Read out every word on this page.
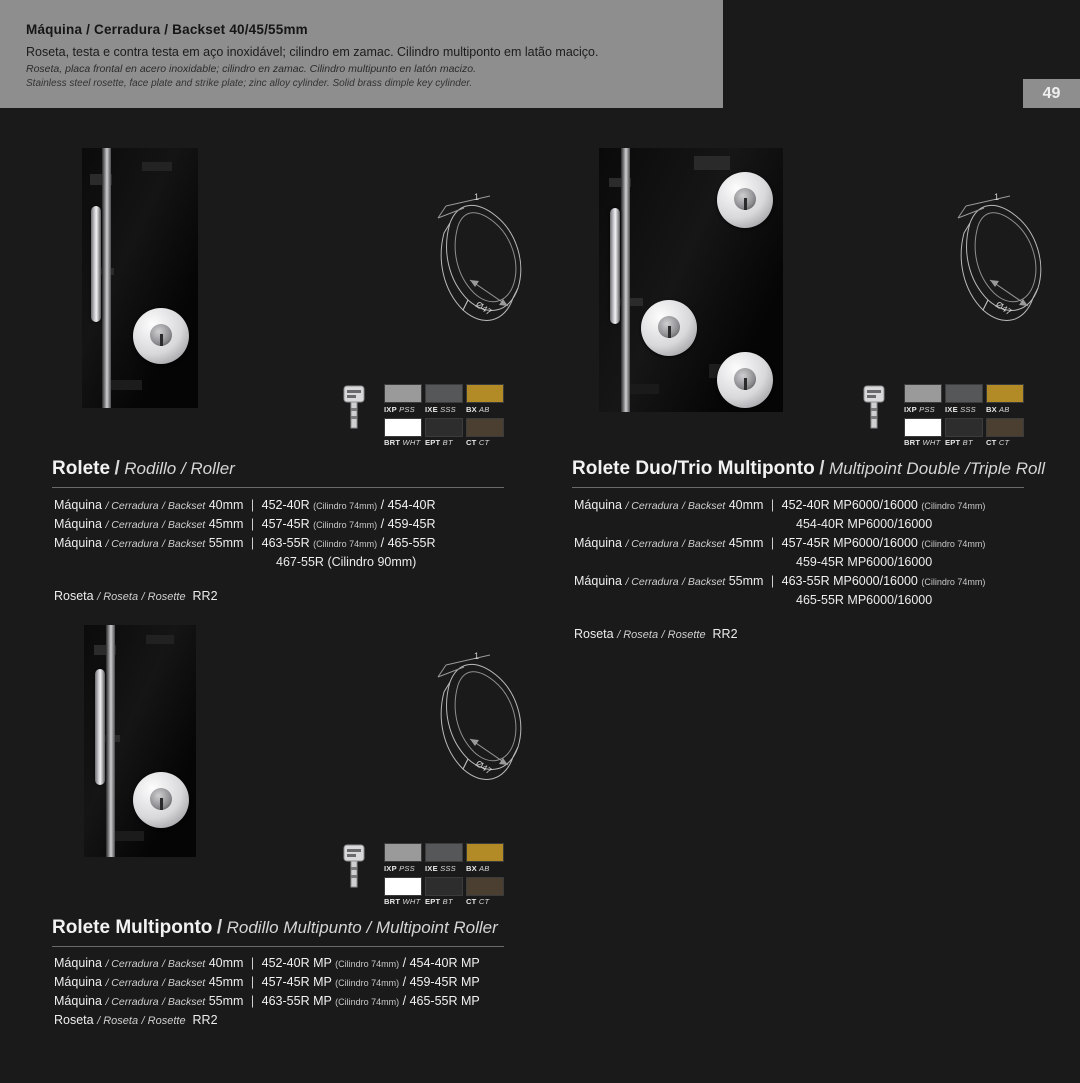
Máquina / Cerradura / Backset 40/45/55mm
Roseta, testa e contra testa em aço inoxidável; cilindro em zamac. Cilindro multiponto em latão maciço.
Roseta, placa frontal en acero inoxidable; cilindro en zamac. Cilindro multipunto en latón macizo.
Stainless steel rosette, face plate and strike plate; zinc alloy cylinder. Solid brass dimple key cylinder.
49
1
Ø47
IXP PSS
BRT WHT
IXE SSS
EPT BT
BX AB
CT CT
1
Ø47
IXP PSS
BRT WHT
IXE SSS
EPT BT
BX AB
CT CT
1
Ø47
IXP PSS
BRT WHT
IXE SSS
EPT BT
BX AB
CT CT
Rolete / Rodillo / Roller
Máquina / Cerradura / Backset 40mm | 452-40R (Cilindro 74mm) / 454-40R
Máquina / Cerradura / Backset 45mm | 457-45R (Cilindro 74mm) / 459-45R
Máquina / Cerradura / Backset 55mm | 463-55R (Cilindro 74mm) / 465-55R
467-55R (Cilindro 90mm)
Roseta / Roseta / Rosette RR2
Rolete Duo/Trio Multiponto / Multipoint Double /Triple Roll
Máquina / Cerradura / Backset 40mm | 452-40R MP6000/16000 (Cilindro 74mm)
454-40R MP6000/16000
Máquina / Cerradura / Backset 45mm | 457-45R MP6000/16000 (Cilindro 74mm)
459-45R MP6000/16000
Máquina / Cerradura / Backset 55mm | 463-55R MP6000/16000 (Cilindro 74mm)
465-55R MP6000/16000
Roseta / Roseta / Rosette RR2
Rolete Multiponto / Rodillo Multipunto / Multipoint Roller
Máquina / Cerradura / Backset 40mm | 452-40R MP (Cilindro 74mm) / 454-40R MP
Máquina / Cerradura / Backset 45mm | 457-45R MP (Cilindro 74mm) / 459-45R MP
Máquina / Cerradura / Backset 55mm | 463-55R MP (Cilindro 74mm) / 465-55R MP
Roseta / Roseta / Rosette RR2
